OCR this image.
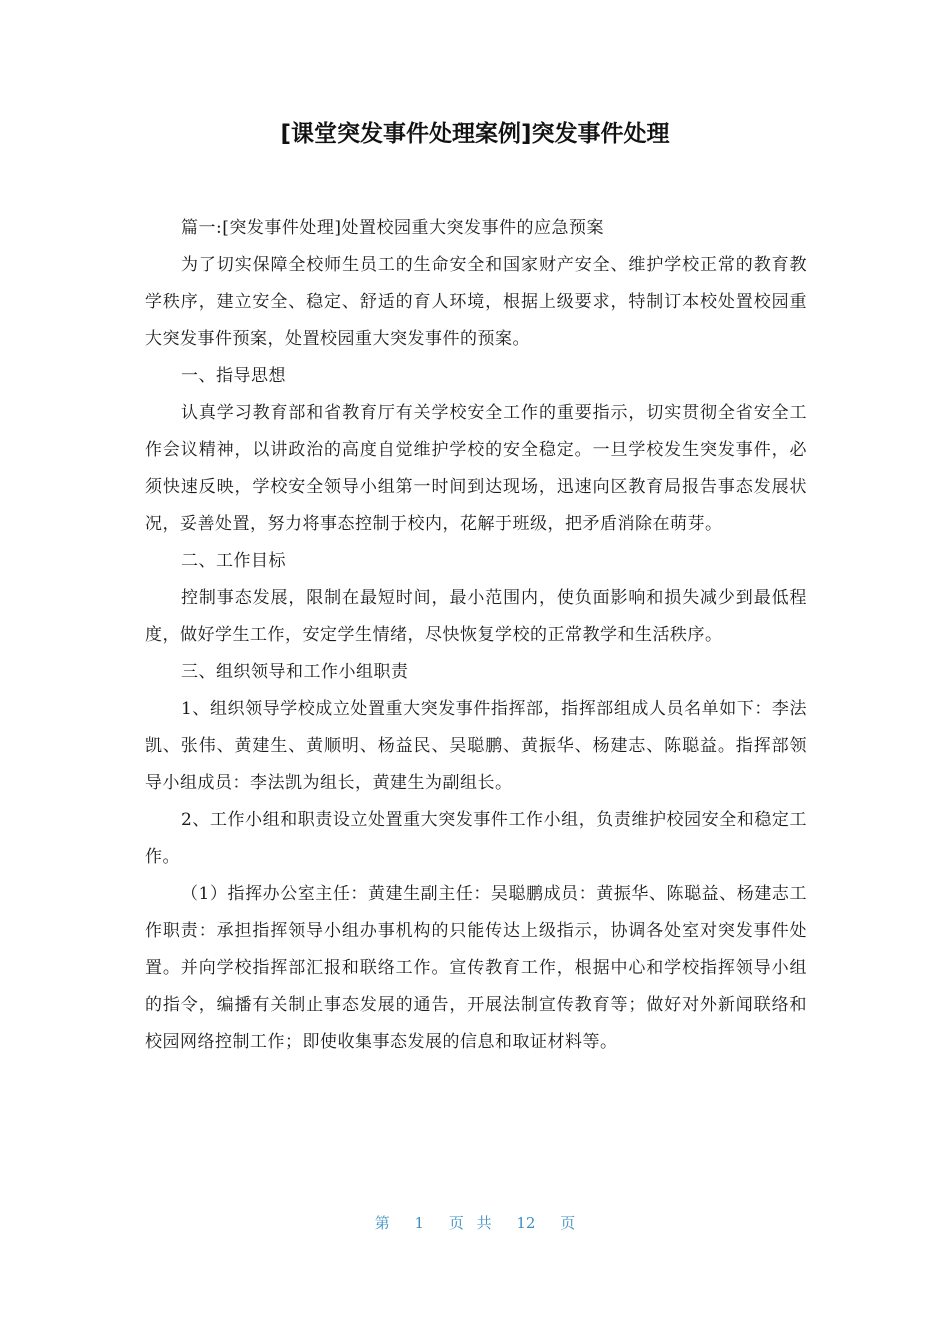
[课堂突发事件处理案例]突发事件处理

篇一:[突发事件处理]处置校园重大突发事件的应急预案

为了切实保障全校师生员工的生命安全和国家财产安全、维护学校正常的教育教学秩序，建立安全、稳定、舒适的育人环境，根据上级要求，特制订本校处置校园重大突发事件预案，处置校园重大突发事件的预案。

一、指导思想

认真学习教育部和省教育厅有关学校安全工作的重要指示，切实贯彻全省安全工作会议精神，以讲政治的高度自觉维护学校的安全稳定。一旦学校发生突发事件，必须快速反映，学校安全领导小组第一时间到达现场，迅速向区教育局报告事态发展状况，妥善处置，努力将事态控制于校内，花解于班级，把矛盾消除在萌芽。

二、工作目标

控制事态发展，限制在最短时间，最小范围内，使负面影响和损失减少到最低程度，做好学生工作，安定学生情绪，尽快恢复学校的正常教学和生活秩序。

三、组织领导和工作小组职责

1、组织领导学校成立处置重大突发事件指挥部，指挥部组成人员名单如下：李法凯、张伟、黄建生、黄顺明、杨益民、吴聪鹏、黄振华、杨建志、陈聪益。指挥部领导小组成员：李法凯为组长，黄建生为副组长。

2、工作小组和职责设立处置重大突发事件工作小组，负责维护校园安全和稳定工作。

（1）指挥办公室主任：黄建生副主任：吴聪鹏成员：黄振华、陈聪益、杨建志工作职责：承担指挥领导小组办事机构的只能传达上级指示，协调各处室对突发事件处置。并向学校指挥部汇报和联络工作。宣传教育工作，根据中心和学校指挥领导小组的指令，编播有关制止事态发展的通告，开展法制宣传教育等；做好对外新闻联络和校园网络控制工作；即使收集事态发展的信息和取证材料等。

第 1 页 共 12 页
